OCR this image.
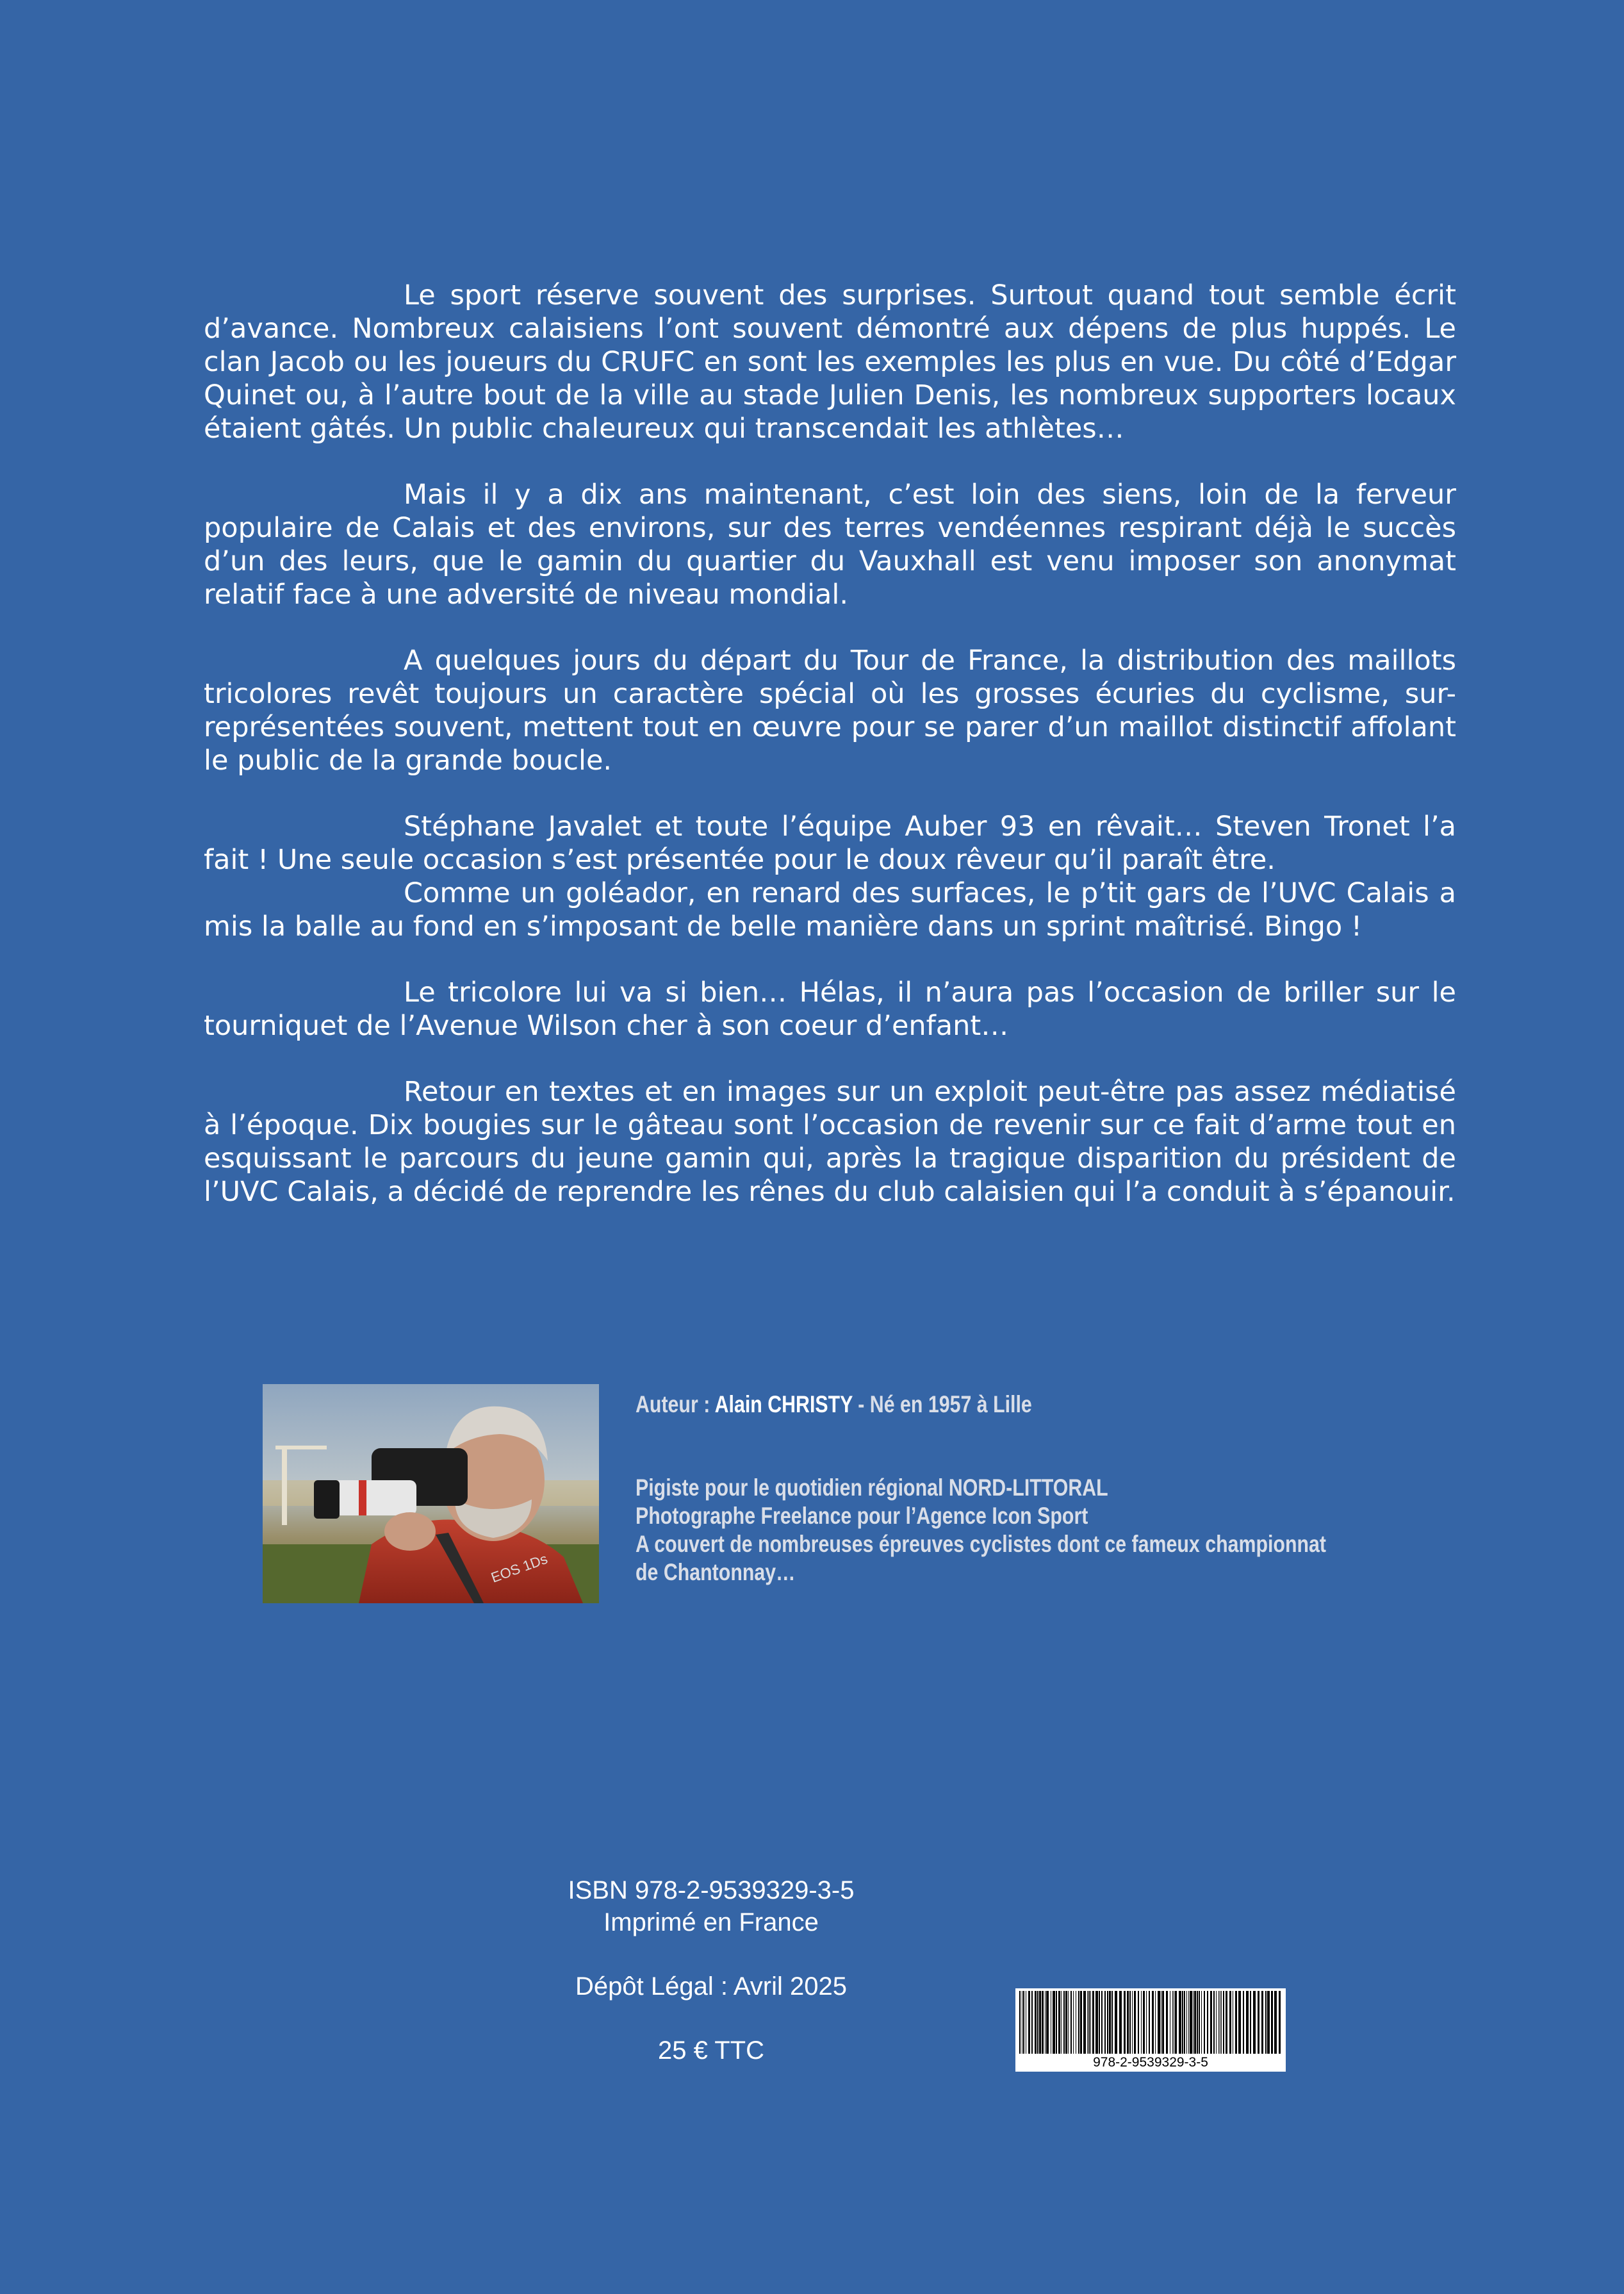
Le sport réserve souvent des surprises. Surtout quand tout semble écrit d’avance. Nombreux calaisiens l’ont souvent démontré aux dépens de plus huppés. Le clan Jacob ou les joueurs du CRUFC en sont les exemples les plus en vue. Du côté d’Edgar Quinet ou, à l’autre bout de la ville au stade Julien Denis, les nombreux supporters locaux étaient gâtés. Un public chaleureux qui transcendait les athlètes…

Mais il y a dix ans maintenant, c’est loin des siens, loin de la ferveur populaire de Calais et des environs, sur des terres vendéennes respirant déjà le succès d’un des leurs, que le gamin du quartier du Vauxhall est venu imposer son anonymat relatif face à une adversité de niveau mondial.

A quelques jours du départ du Tour de France, la distribution des maillots tricolores revêt toujours un caractère spécial où les grosses écuries du cyclisme, sur-représentées souvent, mettent tout en œuvre pour se parer d’un maillot distinctif affolant le public de la grande boucle.

Stéphane Javalet et toute l’équipe Auber 93 en rêvait… Steven Tronet l’a fait ! Une seule occasion s’est présentée pour le doux rêveur qu’il paraît être.
Comme un goléador, en renard des surfaces, le p’tit gars de l’UVC Calais a mis la balle au fond en s’imposant de belle manière dans un sprint maîtrisé. Bingo !

Le tricolore lui va si bien… Hélas, il n’aura pas l’occasion de briller sur le tourniquet de l’Avenue Wilson cher à son coeur d’enfant…

Retour en textes et en images sur un exploit peut-être pas assez médiatisé à l’époque. Dix bougies sur le gâteau sont l’occasion de revenir sur ce fait d’arme tout en esquissant le parcours du jeune gamin qui, après la tragique disparition du président de l’UVC Calais, a décidé de reprendre les rênes du club calaisien qui l’a conduit à s’épanouir.

EOS 1Ds
Auteur : Alain CHRISTY - Né en 1957 à Lille
Pigiste pour le quotidien régional NORD-LITTORAL
Photographe Freelance pour l’Agence Icon Sport
A couvert de nombreuses épreuves cyclistes dont ce fameux championnat
de Chantonnay…
ISBN 978-2-9539329-3-5
Imprimé en France
Dépôt Légal : Avril 2025
25 € TTC	978-2-9539329-3-5
